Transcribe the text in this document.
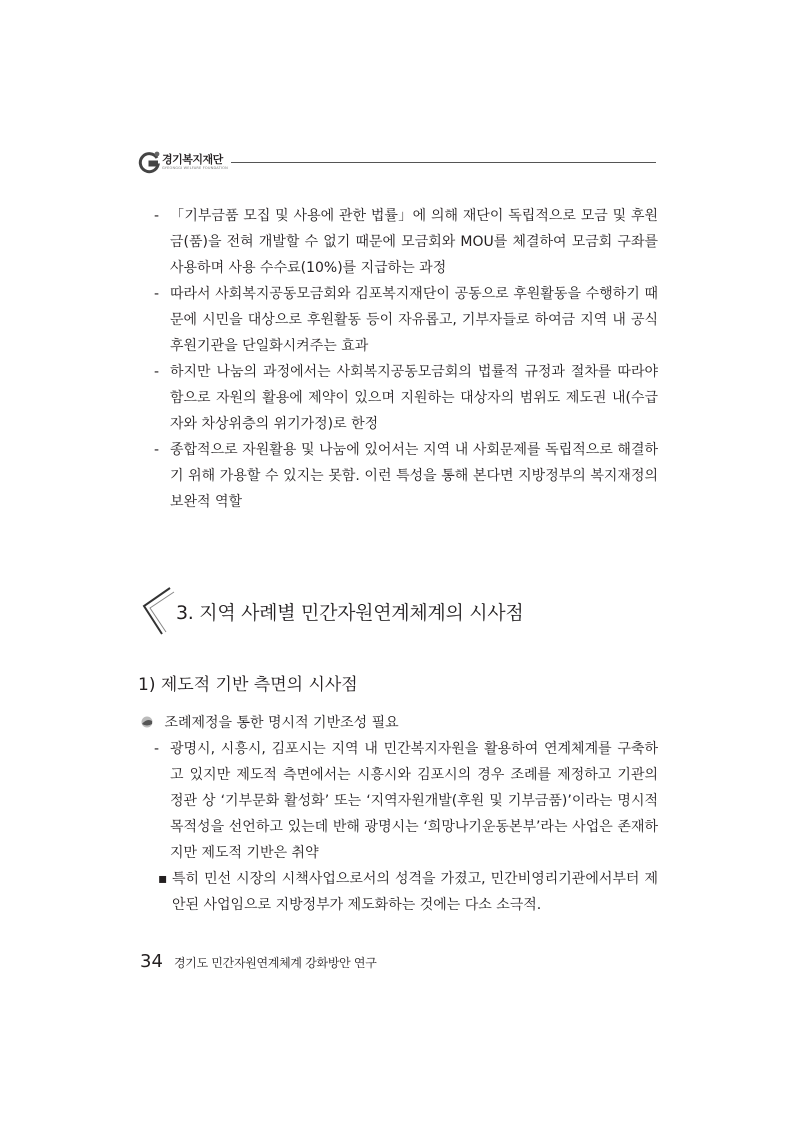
경기복지재단
GYEONGGI WELFARE FOUNDATION
- 「기부금품 모집 및 사용에 관한 법률」에 의해 재단이 독립적으로 모금 및 후원금(품)을 전혀 개발할 수 없기 때문에 모금회와 MOU를 체결하여 모금회 구좌를 사용하며 사용 수수료(10%)를 지급하는 과정
- 따라서 사회복지공동모금회와 김포복지재단이 공동으로 후원활동을 수행하기 때문에 시민을 대상으로 후원활동 등이 자유롭고, 기부자들로 하여금 지역 내 공식 후원기관을 단일화시켜주는 효과
- 하지만 나눔의 과정에서는 사회복지공동모금회의 법률적 규정과 절차를 따라야 함으로 자원의 활용에 제약이 있으며 지원하는 대상자의 범위도 제도권 내(수급자와 차상위층의 위기가정)로 한정
- 종합적으로 자원활용 및 나눔에 있어서는 지역 내 사회문제를 독립적으로 해결하기 위해 가용할 수 있지는 못함. 이런 특성을 통해 본다면 지방정부의 복지재정의 보완적 역할
3. 지역 사례별 민간자원연계체계의 시사점
1) 제도적 기반 측면의 시사점
조례제정을 통한 명시적 기반조성 필요
- 광명시, 시흥시, 김포시는 지역 내 민간복지자원을 활용하여 연계체계를 구축하고 있지만 제도적 측면에서는 시흥시와 김포시의 경우 조례를 제정하고 기관의 정관 상 ‘기부문화 활성화’ 또는 ‘지역자원개발(후원 및 기부금품)’이라는 명시적 목적성을 선언하고 있는데 반해 광명시는 ‘희망나기운동본부’라는 사업은 존재하지만 제도적 기반은 취약
▪ 특히 민선 시장의 시책사업으로서의 성격을 가졌고, 민간비영리기관에서부터 제안된 사업임으로 지방정부가 제도화하는 것에는 다소 소극적.
34 경기도 민간자원연계체계 강화방안 연구
